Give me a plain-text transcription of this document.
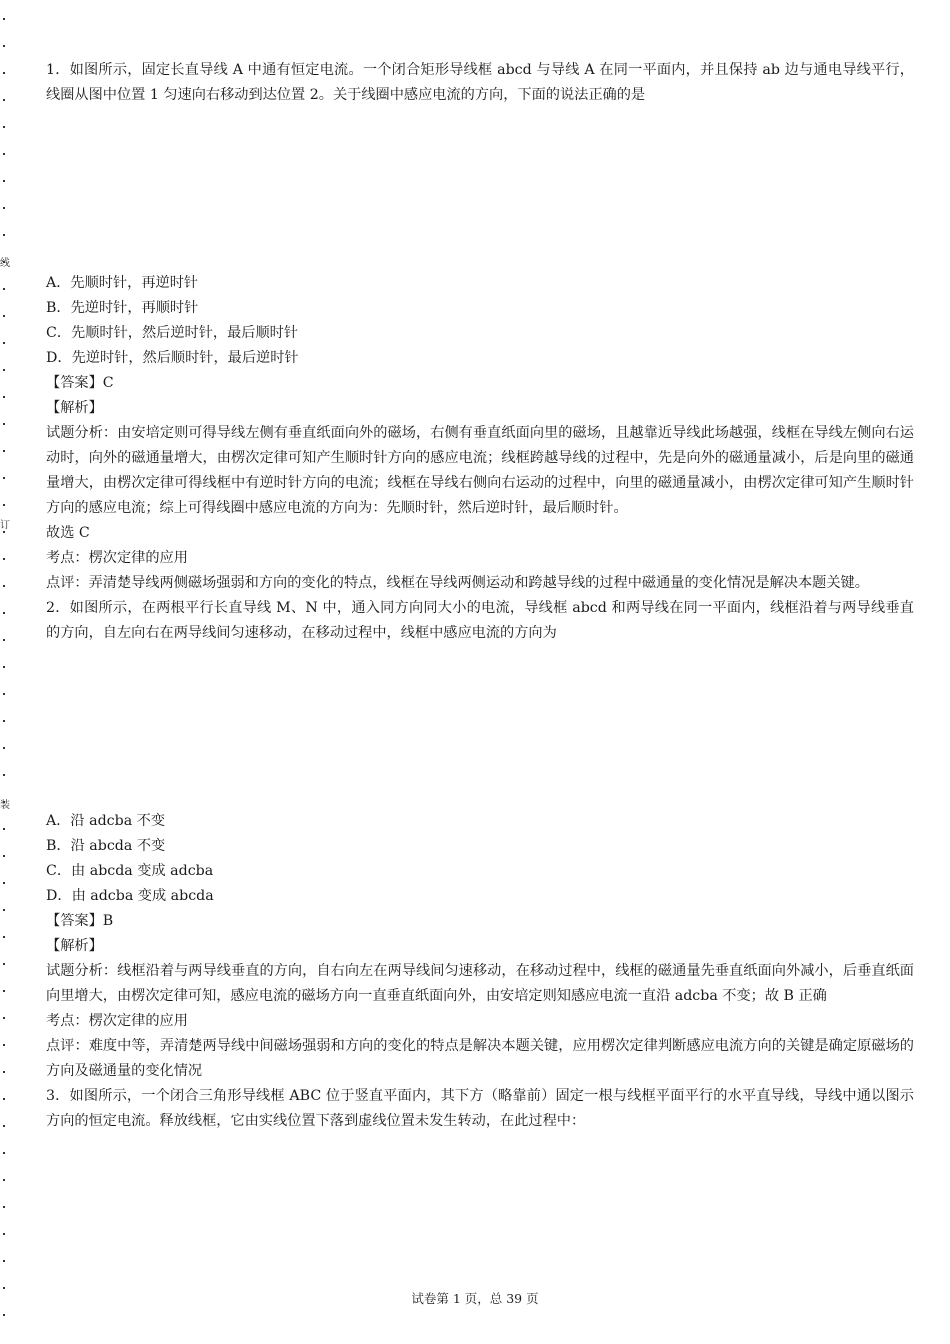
线
订
装

1．如图所示，固定长直导线 A 中通有恒定电流。一个闭合矩形导线框 abcd 与导线 A 在同一平面内，并且保持 ab 边与通电导线平行，线圈从图中位置 1 匀速向右移动到达位置 2。关于线圈中感应电流的方向，下面的说法正确的是

A．先顺时针，再逆时针

B．先逆时针，再顺时针

C．先顺时针，然后逆时针，最后顺时针

D．先逆时针，然后顺时针，最后逆时针

【答案】C

【解析】

试题分析：由安培定则可得导线左侧有垂直纸面向外的磁场，右侧有垂直纸面向里的磁场，且越靠近导线此场越强，线框在导线左侧向右运动时，向外的磁通量增大，由楞次定律可知产生顺时针方向的感应电流；线框跨越导线的过程中，先是向外的磁通量减小，后是向里的磁通量增大，由楞次定律可得线框中有逆时针方向的电流；线框在导线右侧向右运动的过程中，向里的磁通量减小，由楞次定律可知产生顺时针方向的感应电流；综上可得线圈中感应电流的方向为：先顺时针，然后逆时针，最后顺时针。

故选 C

考点：楞次定律的应用

点评：弄清楚导线两侧磁场强弱和方向的变化的特点，线框在导线两侧运动和跨越导线的过程中磁通量的变化情况是解决本题关键。

2．如图所示，在两根平行长直导线 M、N 中，通入同方向同大小的电流，导线框 abcd 和两导线在同一平面内，线框沿着与两导线垂直的方向，自左向右在两导线间匀速移动，在移动过程中，线框中感应电流的方向为

A．沿 adcba 不变

B．沿 abcda 不变

C．由 abcda 变成 adcba

D．由 adcba 变成 abcda

【答案】B

【解析】

试题分析：线框沿着与两导线垂直的方向，自右向左在两导线间匀速移动，在移动过程中，线框的磁通量先垂直纸面向外减小，后垂直纸面向里增大，由楞次定律可知，感应电流的磁场方向一直垂直纸面向外，由安培定则知感应电流一直沿 adcba 不变；故 B 正确

考点：楞次定律的应用

点评：难度中等，弄清楚两导线中间磁场强弱和方向的变化的特点是解决本题关键，应用楞次定律判断感应电流方向的关键是确定原磁场的方向及磁通量的变化情况

3．如图所示，一个闭合三角形导线框 ABC 位于竖直平面内，其下方（略靠前）固定一根与线框平面平行的水平直导线，导线中通以图示方向的恒定电流。释放线框，它由实线位置下落到虚线位置未发生转动，在此过程中：

试卷第 1 页，总 39 页
